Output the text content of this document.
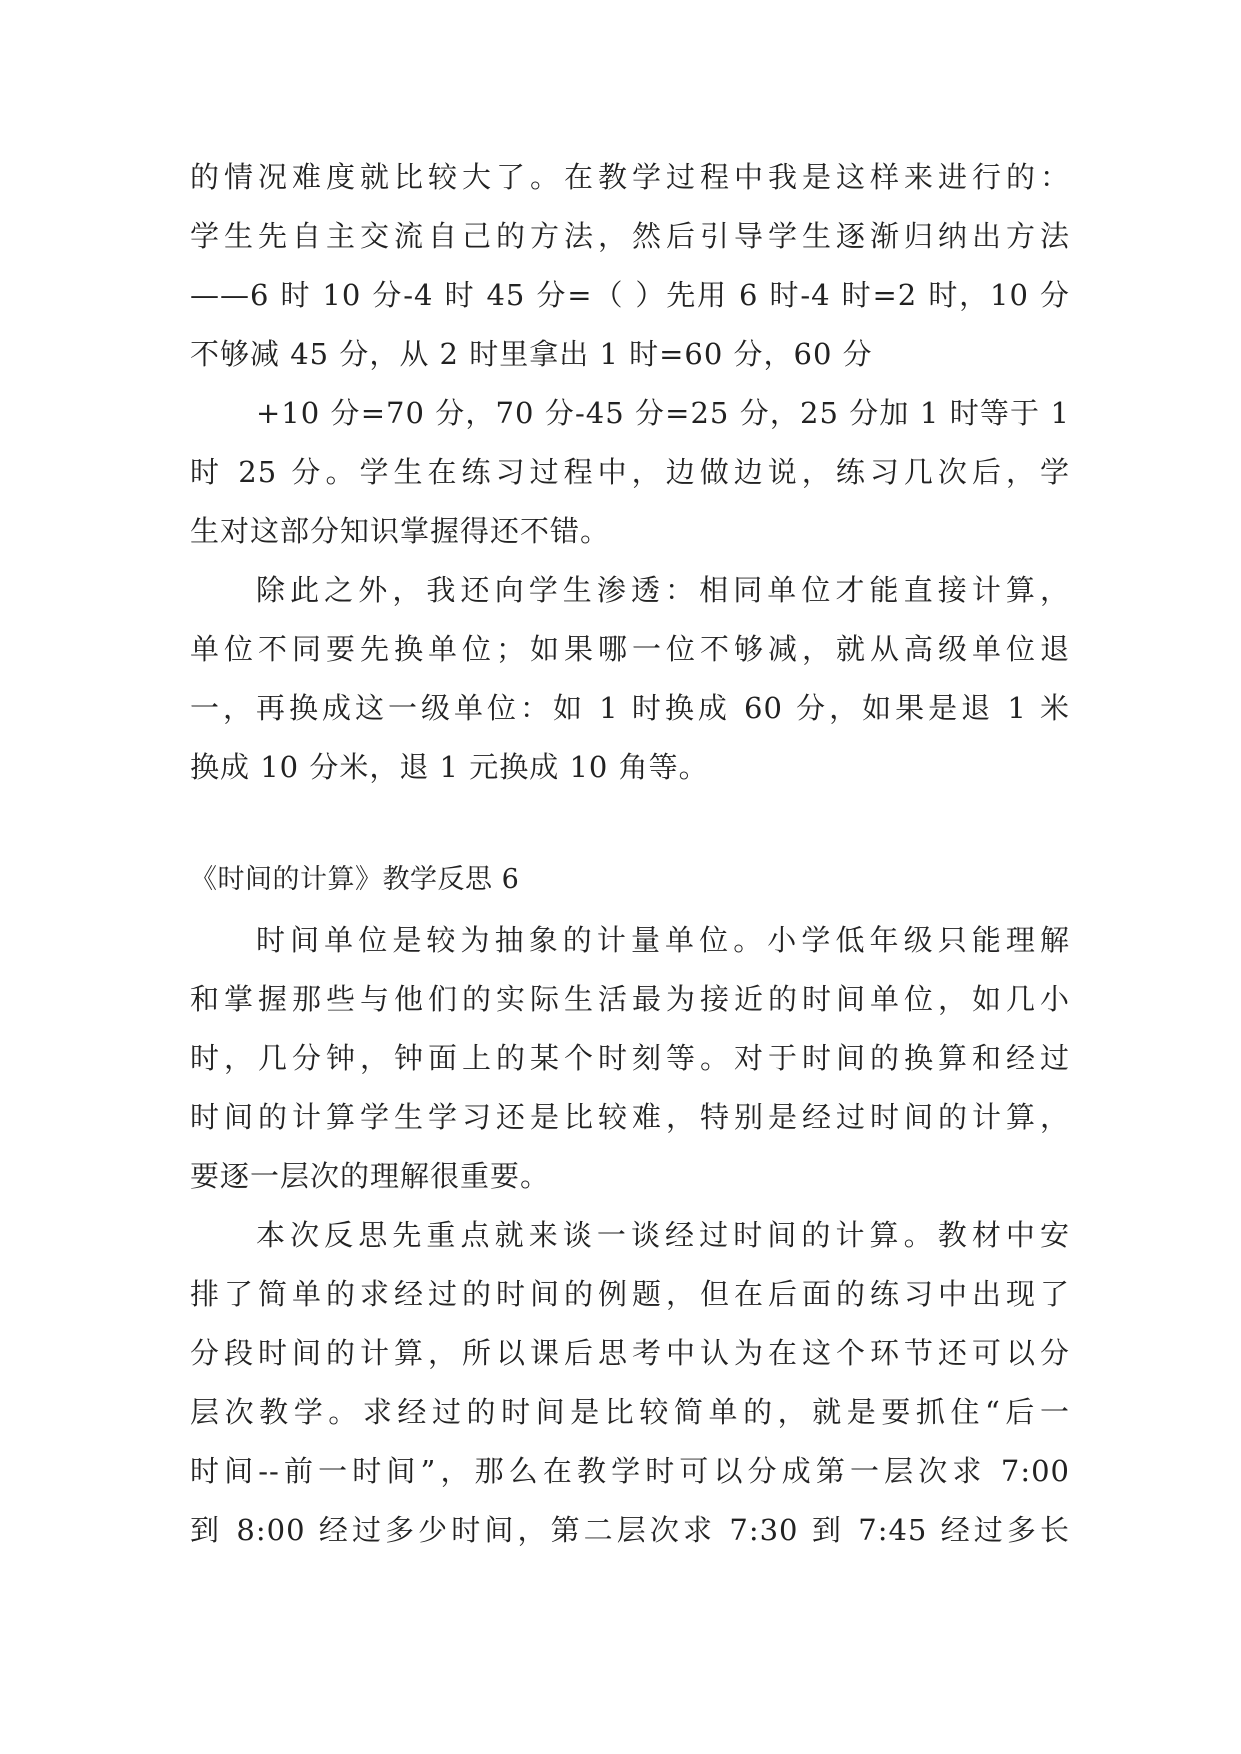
的情况难度就比较大了。在教学过程中我是这样来进行的：
学生先自主交流自己的方法，然后引导学生逐渐归纳出方法
——6 时 10 分-4 时 45 分=（ ）先用 6 时-4 时=2 时，10 分
不够减 45 分，从 2 时里拿出 1 时=60 分，60 分
+10 分=70 分，70 分-45 分=25 分，25 分加 1 时等于 1
时 25 分。学生在练习过程中，边做边说，练习几次后，学
生对这部分知识掌握得还不错。
除此之外，我还向学生渗透：相同单位才能直接计算，
单位不同要先换单位；如果哪一位不够减，就从高级单位退
一，再换成这一级单位：如 1 时换成 60 分，如果是退 1 米
换成 10 分米，退 1 元换成 10 角等。
《时间的计算》教学反思 6
时间单位是较为抽象的计量单位。小学低年级只能理解
和掌握那些与他们的实际生活最为接近的时间单位，如几小
时，几分钟，钟面上的某个时刻等。对于时间的换算和经过
时间的计算学生学习还是比较难，特别是经过时间的计算，
要逐一层次的理解很重要。
本次反思先重点就来谈一谈经过时间的计算。教材中安
排了简单的求经过的时间的例题，但在后面的练习中出现了
分段时间的计算，所以课后思考中认为在这个环节还可以分
层次教学。求经过的时间是比较简单的，就是要抓住“后一
时间--前一时间”，那么在教学时可以分成第一层次求 7:00
到 8:00 经过多少时间，第二层次求 7:30 到 7:45 经过多长
